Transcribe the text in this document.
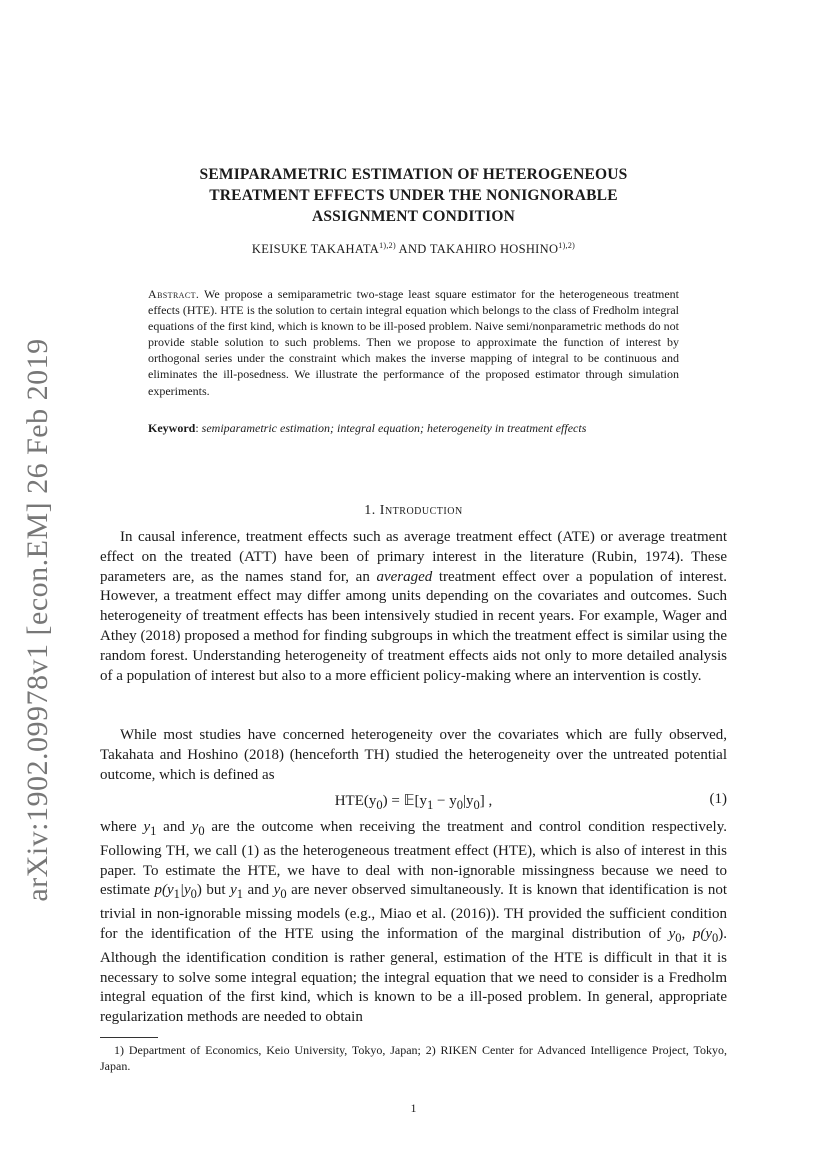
arXiv:1902.09978v1 [econ.EM] 26 Feb 2019
SEMIPARAMETRIC ESTIMATION OF HETEROGENEOUS
TREATMENT EFFECTS UNDER THE NONIGNORABLE
ASSIGNMENT CONDITION
KEISUKE $TAKAHATA^{1),2)}$ AND TAKAHIRO $HOSHINO^{1),2)}$
Abstract. We propose a semiparametric two-stage least square estimator for the heterogeneous treatment effects (HTE). HTE is the solution to certain integral equation which belongs to the class of Fredholm integral equations of the first kind, which is known to be ill-posed problem. Naive semi/nonparametric methods do not provide stable solution to such problems. Then we propose to approximate the function of interest by orthogonal series under the constraint which makes the inverse mapping of integral to be continuous and eliminates the ill-posedness. We illustrate the performance of the proposed estimator through simulation experiments.
Keyword: semiparametric estimation; integral equation; heterogeneity in treatment effects
1. Introduction

In causal inference, treatment effects such as average treatment effect (ATE) or average treatment effect on the treated (ATT) have been of primary interest in the literature (Rubin, 1974). These parameters are, as the names stand for, an averaged treatment effect over a population of interest. However, a treatment effect may differ among units depending on the covariates and outcomes. Such heterogeneity of treatment effects has been intensively studied in recent years. For example, Wager and Athey (2018) proposed a method for finding subgroups in which the treatment effect is similar using the random forest. Understanding heterogeneity of treatment effects aids not only to more detailed analysis of a population of interest but also to a more efficient policy-making where an intervention is costly.

While most studies have concerned heterogeneity over the covariates which are fully observed, Takahata and Hoshino (2018) (henceforth TH) studied the heterogeneity over the untreated potential outcome, which is defined as

$HTE(y_0)$ = $𝔼[y_1 - y_0|y_0]$ ,	(1)

where $y_1$ and $y_0$ are the outcome when receiving the treatment and control condition respectively. Following TH, we call (1) as the heterogeneous treatment effect (HTE), which is also of interest in this paper. To estimate the HTE, we have to deal with non-ignorable missingness because we need to estimate $p(y_1|y_0)$ but $y_1$ and $y_0$ are never observed simultaneously. It is known that identification is not trivial in non-ignorable missing models (e.g., Miao et al. (2016)). TH provided the sufficient condition for the identification of the HTE using the information of the marginal distribution of $y_0$, $p(y_0)$. Although the identification condition is rather general, estimation of the HTE is difficult in that it is necessary to solve some integral equation; the integral equation that we need to consider is a Fredholm integral equation of the first kind, which is known to be a ill-posed problem. In general, appropriate regularization methods are needed to obtain

1) Department of Economics, Keio University, Tokyo, Japan; 2) RIKEN Center for Advanced Intelligence Project, Tokyo, Japan.
1
